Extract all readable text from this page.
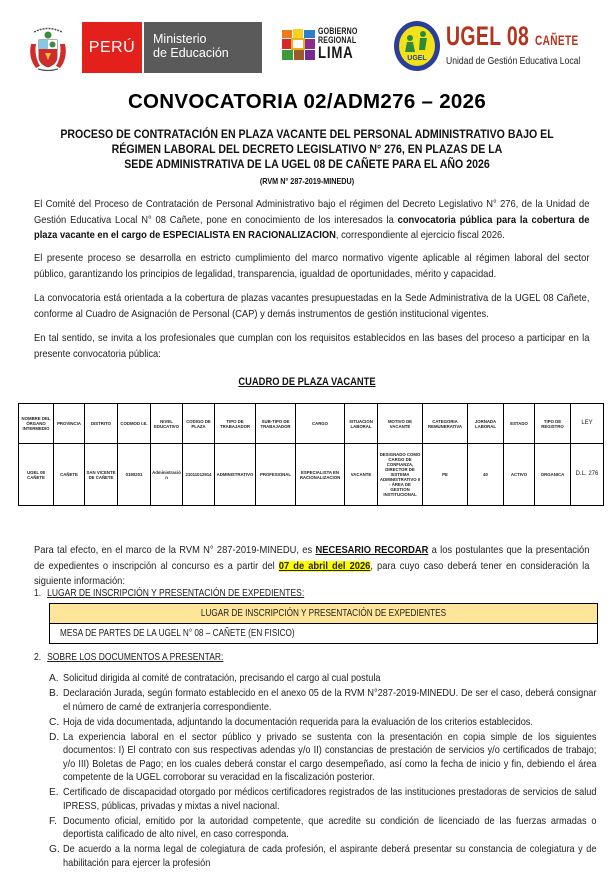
PERÚ Ministerio
de Educación
GOBIERNO
REGIONAL
LIMA	UGEL
UGEL 08 CAÑETE
Unidad de Gestión Educativa Local
CONVOCATORIA 02/ADM276 – 2026
PROCESO DE CONTRATACIÓN EN PLAZA VACANTE DEL PERSONAL ADMINISTRATIVO BAJO EL
RÉGIMEN LABORAL DEL DECRETO LEGISLATIVO N° 276, EN PLAZAS DE LA
SEDE ADMINISTRATIVA DE LA UGEL 08 DE CAÑETE PARA EL AÑO 2026
(RVM N° 287-2019-MINEDU)
El Comité del Proceso de Contratación de Personal Administrativo bajo el régimen del Decreto Legislativo N° 276, de la Unidad de Gestión Educativa Local N° 08 Cañete, pone en conocimiento de los interesados la convocatoria pública para la cobertura de plaza vacante en el cargo de ESPECIALISTA EN RACIONALIZACION, correspondiente al ejercicio fiscal 2026.
El presente proceso se desarrolla en estricto cumplimiento del marco normativo vigente aplicable al régimen laboral del sector público, garantizando los principios de legalidad, transparencia, igualdad de oportunidades, mérito y capacidad.
La convocatoria está orientada a la cobertura de plazas vacantes presupuestadas en la Sede Administrativa de la UGEL 08 Cañete, conforme al Cuadro de Asignación de Personal (CAP) y demás instrumentos de gestión institucional vigentes.
En tal sentido, se invita a los profesionales que cumplan con los requisitos establecidos en las bases del proceso a participar en la presente convocatoria pública:
CUADRO DE PLAZA VACANTE
NOMBRE DEL ÓRGANO INTERMEDIO	PROVINCIA	DISTRITO	CODMOD I.E.	NIVEL EDUCATIVO	CODIGO DE PLAZA	TIPO DE TRABAJADOR	SUB-TIPO DE TRABAJADOR	CARGO	SITUACION LABORAL	MOTIVO DE VACANTE	CATEGORIA REMUNERATIVA	JORNADA LABORAL	ESTADO	TIPO DE REGISTRO	LEY
UGEL 08 CAÑETE	CAÑETE	SAN VICENTE DE CAÑETE	0190201	Administración	21011012914	ADMINISTRATIVO	PROFESIONAL	ESPECIALISTA EN RACIONALIZACION	VACANTE	DESIGNADO COMO CARGO DE CONFIANZA, DIRECTOR DE SISTEMA ADMINISTRATIVO II - ÁREA DE GESTION INSTITUCIONAL	PE	40	ACTIVO	ORGANICA	D.L. 276
Para tal efecto, en el marco de la RVM N° 287-2019-MINEDU, es NECESARIO RECORDAR a los postulantes que la presentación de expedientes o inscripción al concurso es a partir del 07 de abril del 2026, para cuyo caso deberá tener en consideración la siguiente información:
1. LUGAR DE INSCRIPCIÓN Y PRESENTACIÓN DE EXPEDIENTES:
LUGAR DE INSCRIPCIÓN Y PRESENTACIÓN DE EXPEDIENTES
MESA DE PARTES DE LA UGEL N° 08 – CAÑETE (EN FISICO)
2. SOBRE LOS DOCUMENTOS A PRESENTAR:
A. Solicitud dirigida al comité de contratación, precisando el cargo al cual postula
B. Declaración Jurada, según formato establecido en el anexo 05 de la RVM N°287-2019-MINEDU. De ser el caso, deberá consignar el número de carné de extranjería correspondiente.
C. Hoja de vida documentada, adjuntando la documentación requerida para la evaluación de los criterios establecidos.
D. La experiencia laboral en el sector público y privado se sustenta con la presentación en copia simple de los siguientes documentos: I) El contrato con sus respectivas adendas y/o II) constancias de prestación de servicios y/o certificados de trabajo; y/o III) Boletas de Pago; en los cuales deberá constar el cargo desempeñado, así como la fecha de inicio y fin, debiendo el área competente de la UGEL corroborar su veracidad en la fiscalización posterior.
E. Certificado de discapacidad otorgado por médicos certificadores registrados de las instituciones prestadoras de servicios de salud IPRESS, públicas, privadas y mixtas a nivel nacional.
F. Documento oficial, emitido por la autoridad competente, que acredite su condición de licenciado de las fuerzas armadas o deportista calificado de alto nivel, en caso corresponda.
G. De acuerdo a la norma legal de colegiatura de cada profesión, el aspirante deberá presentar su constancia de colegiatura y de habilitación para ejercer la profesión
